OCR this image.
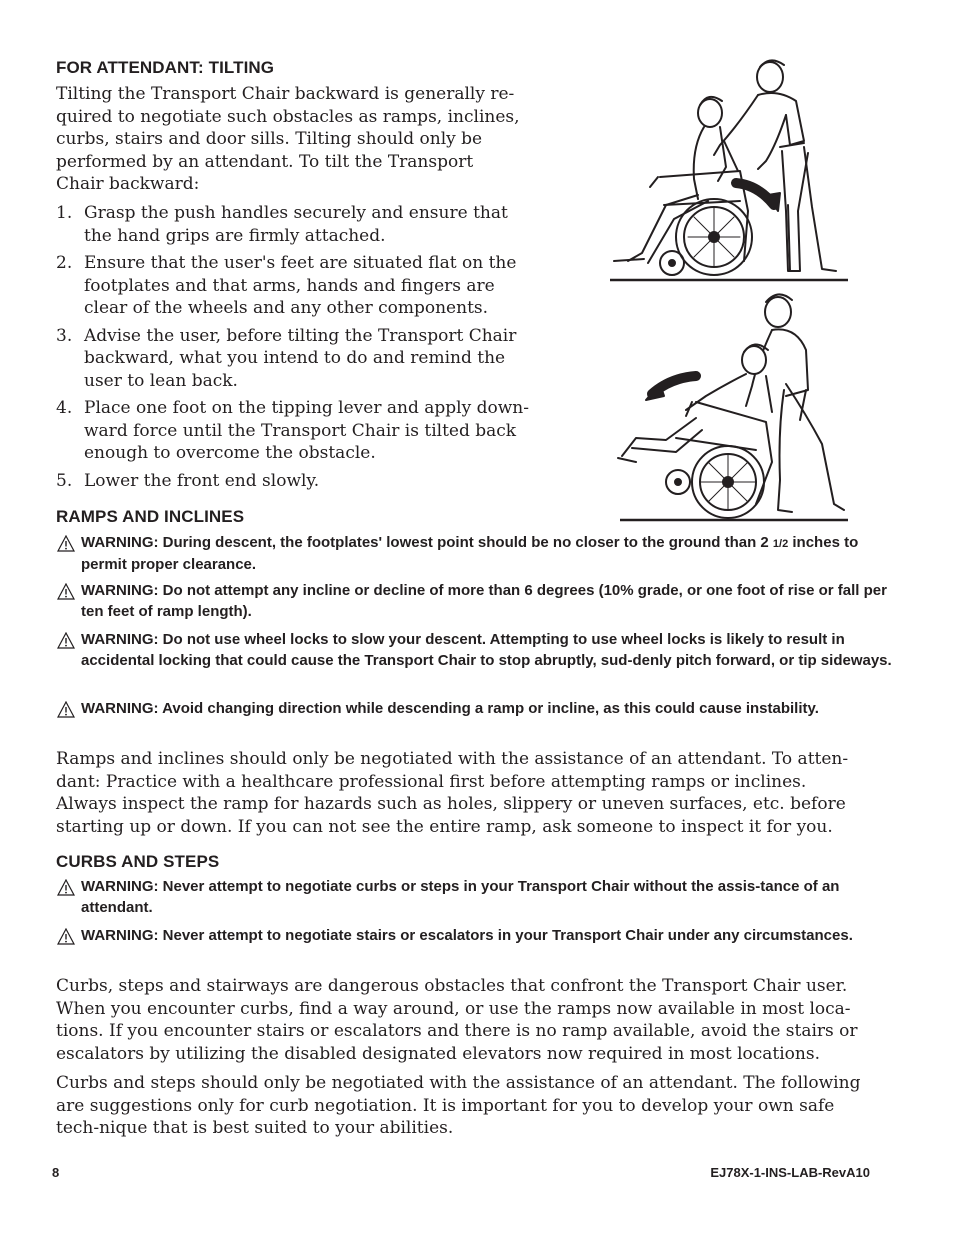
FOR ATTENDANT: TILTING

Tilting the Transport Chair backward is generally re-quired to negotiate such obstacles as ramps, inclines, curbs, stairs and door sills. Tilting should only be performed by an attendant. To tilt the Transport Chair backward:

1. Grasp the push handles securely and ensure that the hand grips are firmly attached.
2. Ensure that the user's feet are situated flat on the footplates and that arms, hands and fingers are clear of the wheels and any other components.
3. Advise the user, before tilting the Transport Chair backward, what you intend to do and remind the user to lean back.
4. Place one foot on the tipping lever and apply down-ward force until the Transport Chair is tilted back enough to overcome the obstacle.
5. Lower the front end slowly.
RAMPS AND INCLINES

WARNING: During descent, the footplates' lowest point should be no closer to the ground than 2 1/2 inches to permit proper clearance.

WARNING: Do not attempt any incline or decline of more than 6 degrees (10% grade, or one foot of rise or fall per ten feet of ramp length).

WARNING: Do not use wheel locks to slow your descent. Attempting to use wheel locks is likely to result in accidental locking that could cause the Transport Chair to stop abruptly, sud-denly pitch forward, or tip sideways.

WARNING: Avoid changing direction while descending a ramp or incline, as this could cause instability.

Ramps and inclines should only be negotiated with the assistance of an attendant. To atten-dant: Practice with a healthcare professional first before attempting ramps or inclines. Always inspect the ramp for hazards such as holes, slippery or uneven surfaces, etc. before starting up or down. If you can not see the entire ramp, ask someone to inspect it for you.

CURBS AND STEPS

WARNING: Never attempt to negotiate curbs or steps in your Transport Chair without the assis-tance of an attendant.

WARNING: Never attempt to negotiate stairs or escalators in your Transport Chair under any circumstances.

Curbs, steps and stairways are dangerous obstacles that confront the Transport Chair user. When you encounter curbs, find a way around, or use the ramps now available in most loca-tions. If you encounter stairs or escalators and there is no ramp available, avoid the stairs or escalators by utilizing the disabled designated elevators now required in most locations.

Curbs and steps should only be negotiated with the assistance of an attendant. The following are suggestions only for curb negotiation. It is important for you to develop your own safe tech-nique that is best suited to your abilities.

8	EJ78X-1-INS-LAB-RevA10
